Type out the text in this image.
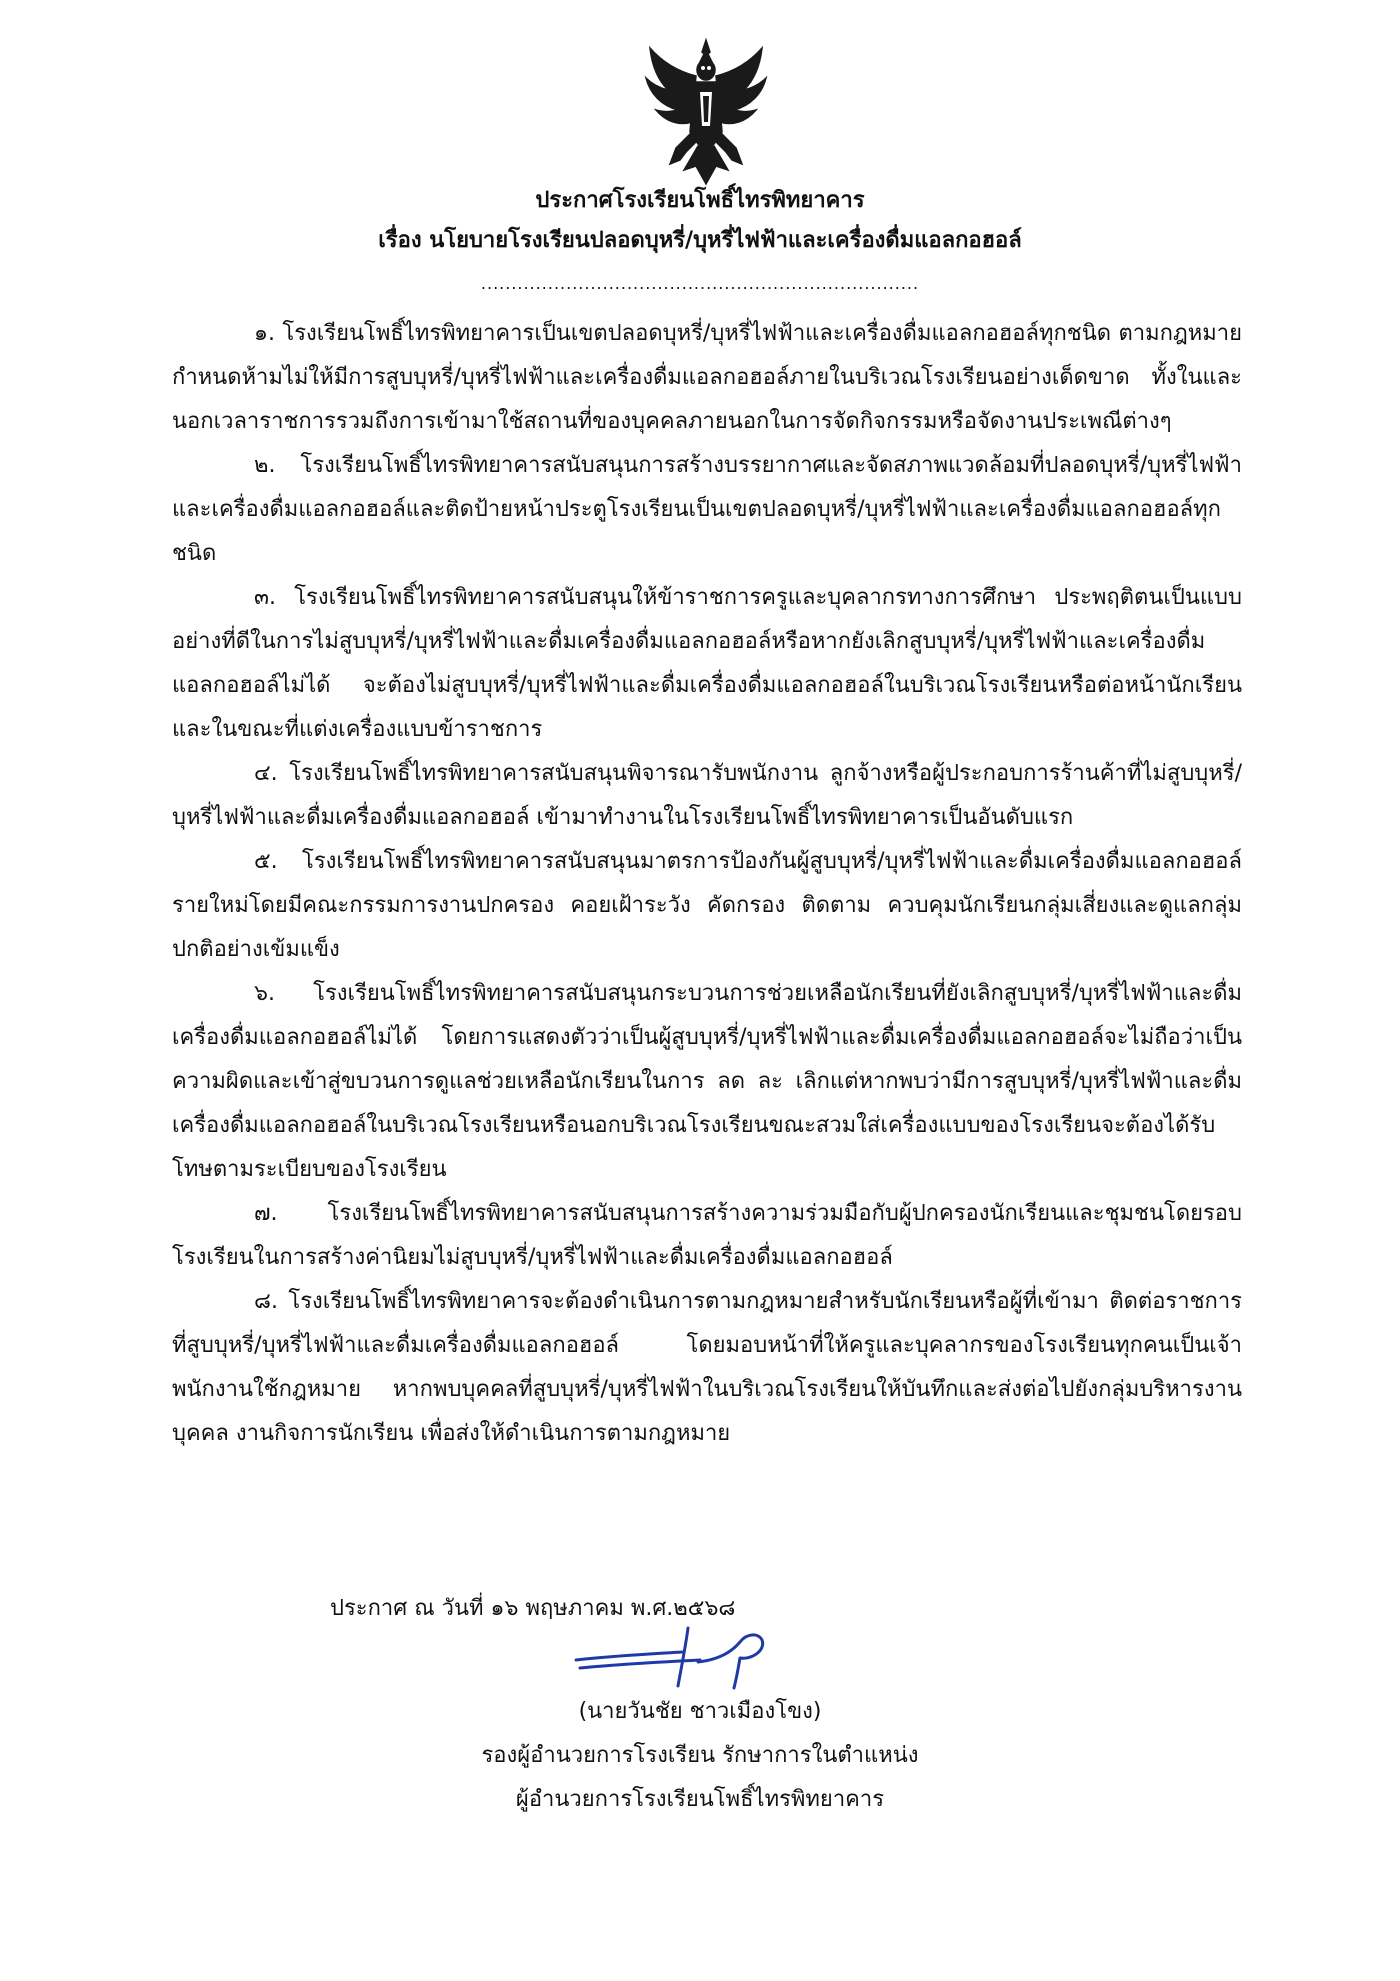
ประกาศโรงเรียนโพธิ์ไทรพิทยาคาร
เรื่อง นโยบายโรงเรียนปลอดบุหรี่/บุหรี่ไฟฟ้าและเครื่องดื่มแอลกอฮอล์
........................................................................

๑. โรงเรียนโพธิ์ไทรพิทยาคารเป็นเขตปลอดบุหรี่/บุหรี่ไฟฟ้าและเครื่องดื่มแอลกอฮอล์ทุกชนิด ตามกฎหมายกำหนดห้ามไม่ให้มีการสูบบุหรี่/บุหรี่ไฟฟ้าและเครื่องดื่มแอลกอฮอล์ภายในบริเวณโรงเรียนอย่างเด็ดขาด ทั้งในและนอกเวลาราชการรวมถึงการเข้ามาใช้สถานที่ของบุคคลภายนอกในการจัดกิจกรรมหรือจัดงานประเพณีต่างๆ

๒. โรงเรียนโพธิ์ไทรพิทยาคารสนับสนุนการสร้างบรรยากาศและจัดสภาพแวดล้อมที่ปลอดบุหรี่/บุหรี่ไฟฟ้าและเครื่องดื่มแอลกอฮอล์และติดป้ายหน้าประตูโรงเรียนเป็นเขตปลอดบุหรี่/บุหรี่ไฟฟ้าและเครื่องดื่มแอลกอฮอล์ทุกชนิด

๓. โรงเรียนโพธิ์ไทรพิทยาคารสนับสนุนให้ข้าราชการครูและบุคลากรทางการศึกษา ประพฤติตนเป็นแบบอย่างที่ดีในการไม่สูบบุหรี่/บุหรี่ไฟฟ้าและดื่มเครื่องดื่มแอลกอฮอล์หรือหากยังเลิกสูบบุหรี่/บุหรี่ไฟฟ้าและเครื่องดื่มแอลกอฮอล์ไม่ได้ จะต้องไม่สูบบุหรี่/บุหรี่ไฟฟ้าและดื่มเครื่องดื่มแอลกอฮอล์ในบริเวณโรงเรียนหรือต่อหน้านักเรียนและในขณะที่แต่งเครื่องแบบข้าราชการ

๔. โรงเรียนโพธิ์ไทรพิทยาคารสนับสนุนพิจารณารับพนักงาน ลูกจ้างหรือผู้ประกอบการร้านค้าที่ไม่สูบบุหรี่/บุหรี่ไฟฟ้าและดื่มเครื่องดื่มแอลกอฮอล์ เข้ามาทำงานในโรงเรียนโพธิ์ไทรพิทยาคารเป็นอันดับแรก

๕. โรงเรียนโพธิ์ไทรพิทยาคารสนับสนุนมาตรการป้องกันผู้สูบบุหรี่/บุหรี่ไฟฟ้าและดื่มเครื่องดื่มแอลกอฮอล์รายใหม่โดยมีคณะกรรมการงานปกครอง คอยเฝ้าระวัง คัดกรอง ติดตาม ควบคุมนักเรียนกลุ่มเสี่ยงและดูแลกลุ่มปกติอย่างเข้มแข็ง

๖. โรงเรียนโพธิ์ไทรพิทยาคารสนับสนุนกระบวนการช่วยเหลือนักเรียนที่ยังเลิกสูบบุหรี่/บุหรี่ไฟฟ้าและดื่มเครื่องดื่มแอลกอฮอล์ไม่ได้ โดยการแสดงตัวว่าเป็นผู้สูบบุหรี่/บุหรี่ไฟฟ้าและดื่มเครื่องดื่มแอลกอฮอล์จะไม่ถือว่าเป็นความผิดและเข้าสู่ขบวนการดูแลช่วยเหลือนักเรียนในการ ลด ละ เลิกแต่หากพบว่ามีการสูบบุหรี่/บุหรี่ไฟฟ้าและดื่มเครื่องดื่มแอลกอฮอล์ในบริเวณโรงเรียนหรือนอกบริเวณโรงเรียนขณะสวมใส่เครื่องแบบของโรงเรียนจะต้องได้รับโทษตามระเบียบของโรงเรียน

๗. โรงเรียนโพธิ์ไทรพิทยาคารสนับสนุนการสร้างความร่วมมือกับผู้ปกครองนักเรียนและชุมชนโดยรอบโรงเรียนในการสร้างค่านิยมไม่สูบบุหรี่/บุหรี่ไฟฟ้าและดื่มเครื่องดื่มแอลกอฮอล์

๘. โรงเรียนโพธิ์ไทรพิทยาคารจะต้องดำเนินการตามกฎหมายสำหรับนักเรียนหรือผู้ที่เข้ามา ติดต่อราชการ ที่สูบบุหรี่/บุหรี่ไฟฟ้าและดื่มเครื่องดื่มแอลกอฮอล์ โดยมอบหน้าที่ให้ครูและบุคลากรของโรงเรียนทุกคนเป็นเจ้าพนักงานใช้กฎหมาย หากพบบุคคลที่สูบบุหรี่/บุหรี่ไฟฟ้าในบริเวณโรงเรียนให้บันทึกและส่งต่อไปยังกลุ่มบริหารงานบุคคล งานกิจการนักเรียน เพื่อส่งให้ดำเนินการตามกฎหมาย

ประกาศ ณ วันที่ ๑๖ พฤษภาคม พ.ศ.๒๕๖๘
(นายวันชัย ชาวเมืองโขง)
รองผู้อำนวยการโรงเรียน รักษาการในตำแหน่ง
ผู้อำนวยการโรงเรียนโพธิ์ไทรพิทยาคาร
